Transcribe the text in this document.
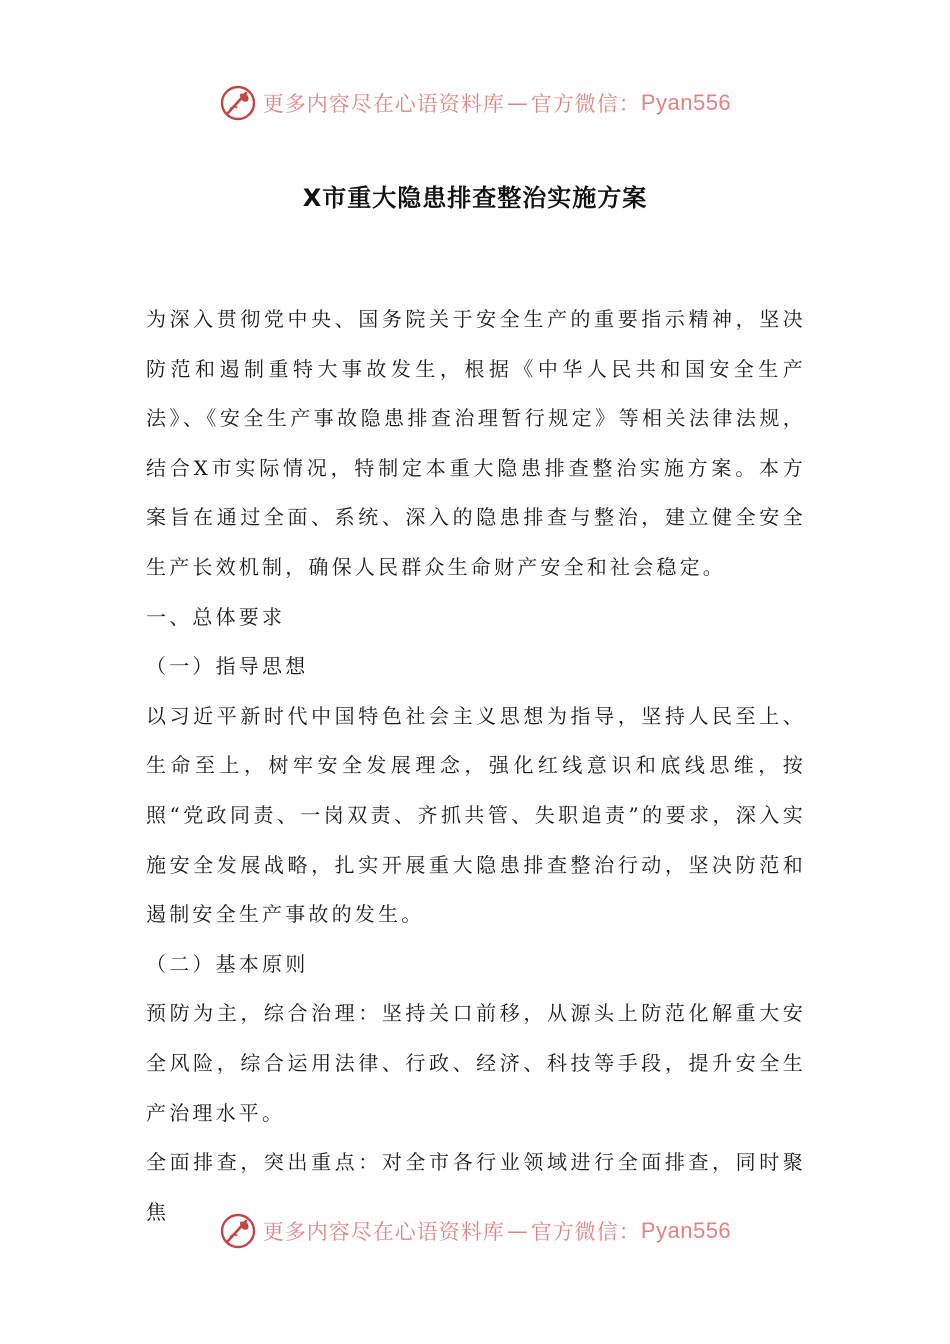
更多内容尽在心语资料库 — 官方微信： Pyan556
X市重大隐患排查整治实施方案

为深入贯彻党中央、国务院关于安全生产的重要指示精神，坚决防范和遏制重特大事故发生，根据《中华人民共和国安全生产法》、《安全生产事故隐患排查治理暂行规定》等相关法律法规，结合X市实际情况，特制定本重大隐患排查整治实施方案。本方案旨在通过全面、系统、深入的隐患排查与整治，建立健全安全生产长效机制，确保人民群众生命财产安全和社会稳定。

一、总体要求

（一）指导思想

以习近平新时代中国特色社会主义思想为指导，坚持人民至上、生命至上，树牢安全发展理念，强化红线意识和底线思维，按照“党政同责、一岗双责、齐抓共管、失职追责”的要求，深入实施安全发展战略，扎实开展重大隐患排查整治行动，坚决防范和遏制安全生产事故的发生。

（二）基本原则

预防为主，综合治理：坚持关口前移，从源头上防范化解重大安全风险，综合运用法律、行政、经济、科技等手段，提升安全生产治理水平。

全面排查，突出重点：对全市各行业领域进行全面排查，同时聚焦

更多内容尽在心语资料库 — 官方微信： Pyan556
